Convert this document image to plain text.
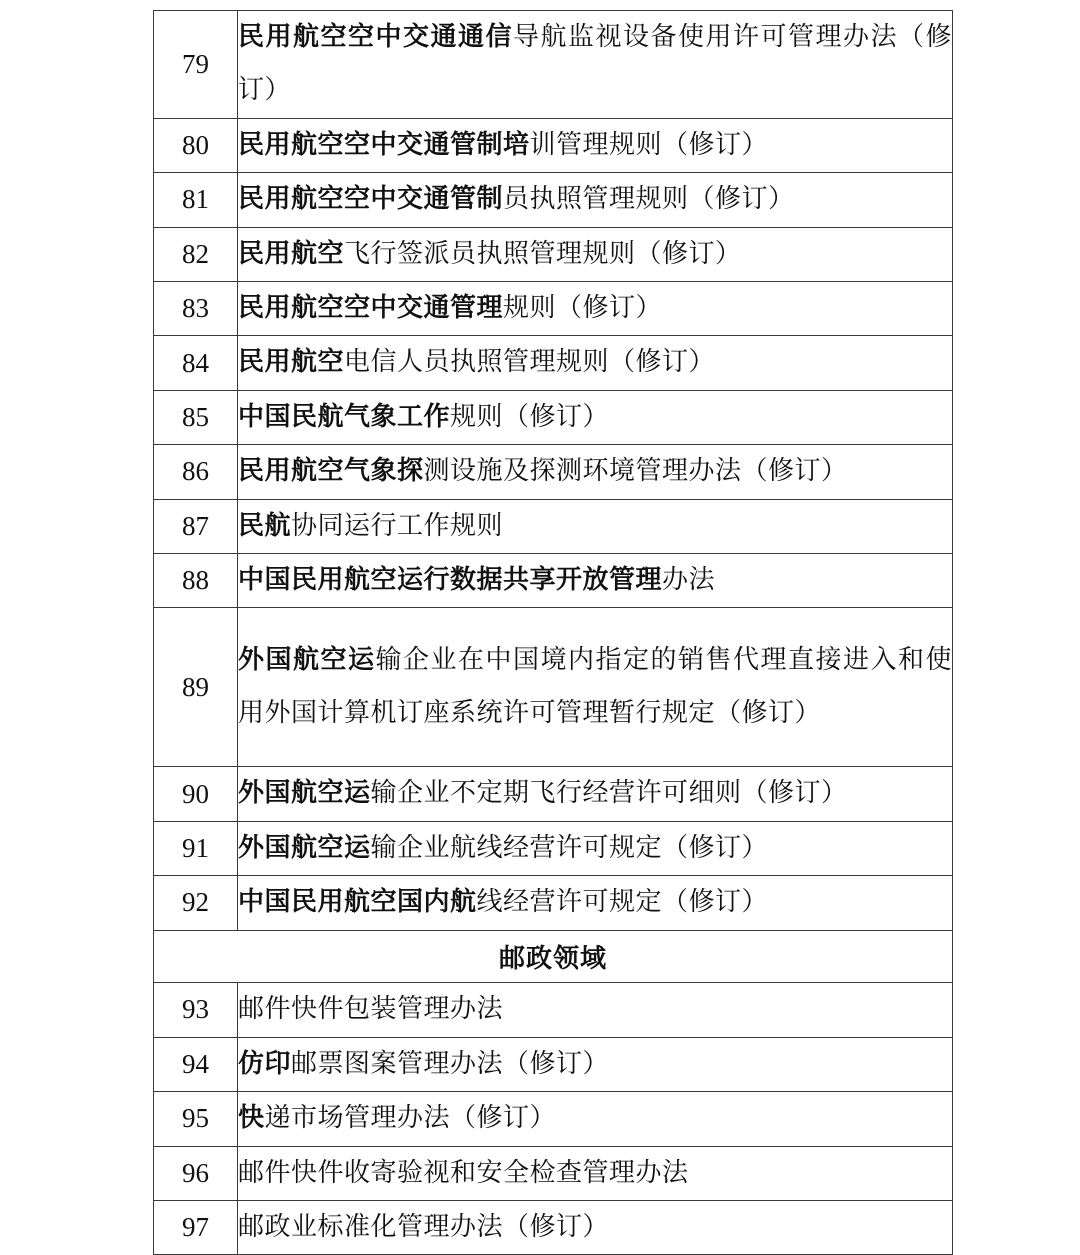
79	民用航空空中交通通信导航监视设备使用许可管理办法（修订）
80	民用航空空中交通管制培训管理规则（修订）
81	民用航空空中交通管制员执照管理规则（修订）
82	民用航空飞行签派员执照管理规则（修订）
83	民用航空空中交通管理规则（修订）
84	民用航空电信人员执照管理规则（修订）
85	中国民航气象工作规则（修订）
86	民用航空气象探测设施及探测环境管理办法（修订）
87	民航协同运行工作规则
88	中国民用航空运行数据共享开放管理办法
89	外国航空运输企业在中国境内指定的销售代理直接进入和使用外国计算机订座系统许可管理暂行规定（修订）
90	外国航空运输企业不定期飞行经营许可细则（修订）
91	外国航空运输企业航线经营许可规定（修订）
92	中国民用航空国内航线经营许可规定（修订）
邮政领域	
93	邮件快件包装管理办法
94	仿印邮票图案管理办法（修订）
95	快递市场管理办法（修订）
96	邮件快件收寄验视和安全检查管理办法
97	邮政业标准化管理办法（修订）
